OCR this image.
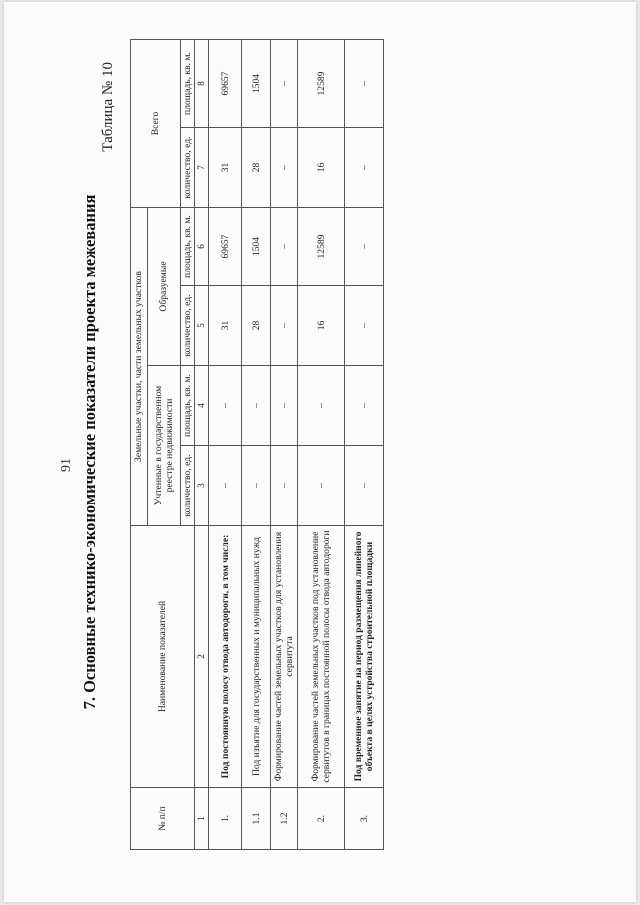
91 7. Основные технико-экономические показатели проекта межевания
Таблица № 10
№ п/п	Наименование показателей	Земельные участки, части земельных участков				Всего	
		Учтенные в государственном реестре недвижимости		Образуемые			
		количество, ед.	площадь, кв. м.	количество, ед.	площадь, кв. м.	количество, ед.	площадь, кв. м.
1	2	3	4	5	6	7	8
1.	Под постоянную полосу отвода автодороги, в том числе:	–	–	31	69657	31	69657
1.1	Под изъятие для государственных и муниципальных нужд	–	–	28	1504	28	1504
1.2	Формирование частей земельных участков для установления сервитута	–	–	–	–	–	–
2.	Формирование частей земельных участков под установление сервитутов в границах постоянной полосы отвода автодороги	–	–	16	12589	16	12589
3.	Под временное занятие на период размещения линейного объекта в целях устройства строительной площадки	–	–	–	–	–	–
